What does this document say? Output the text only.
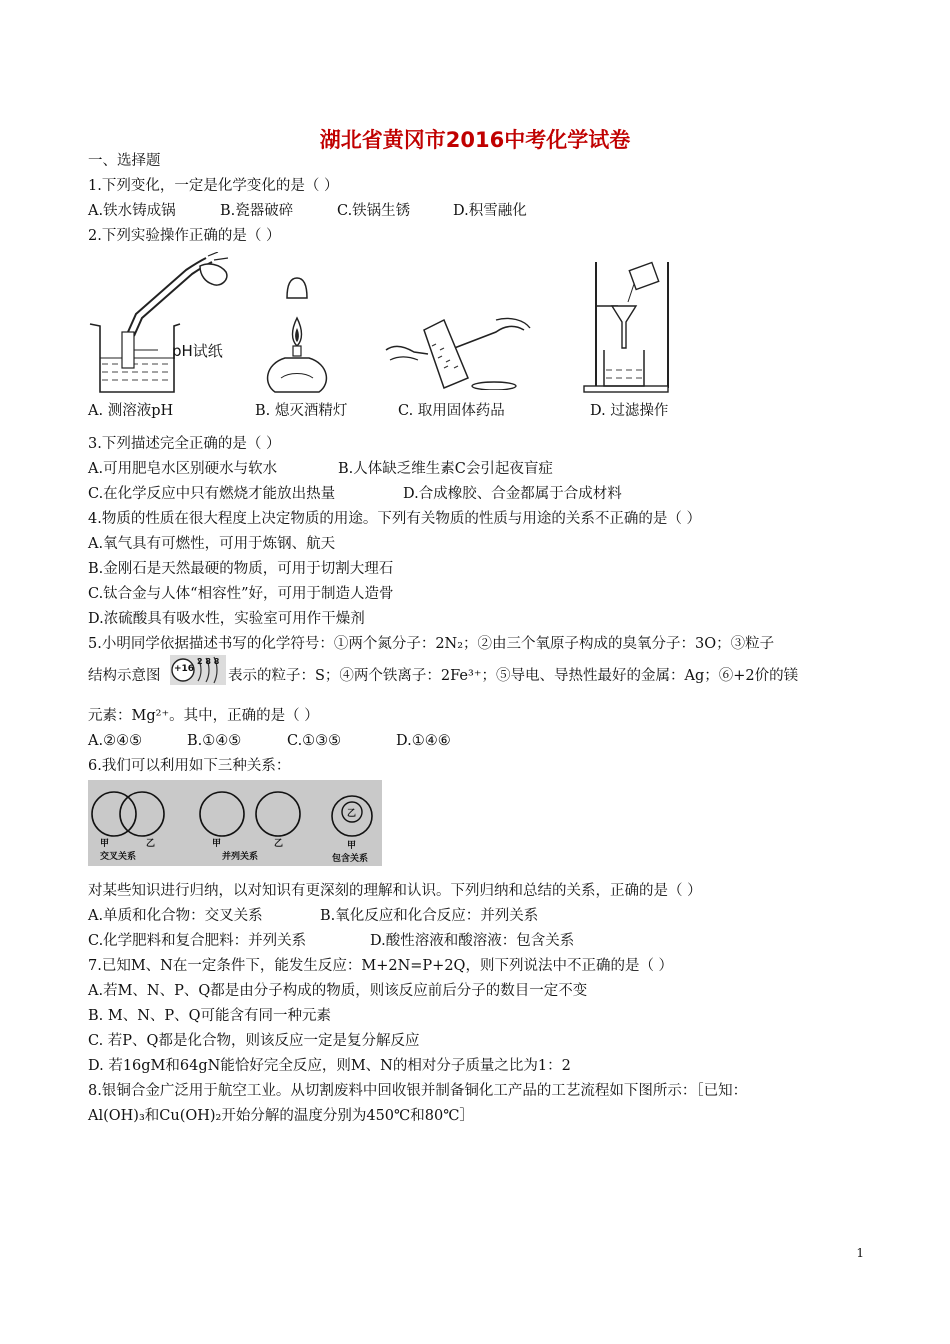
湖北省黄冈市2016中考化学试卷
一、选择题
1.下列变化，一定是化学变化的是（ ）
A.铁水铸成锅	B.瓷器破碎	C.铁锅生锈	D.积雪融化
2.下列实验操作正确的是（ ）
pH试纸
A. 测溶液pH	B. 熄灭酒精灯	C. 取用固体药品	D. 过滤操作
3.下列描述完全正确的是（ ）
A.可用肥皂水区别硬水与软水	B.人体缺乏维生素C会引起夜盲症
C.在化学反应中只有燃烧才能放出热量	D.合成橡胶、合金都属于合成材料
4.物质的性质在很大程度上决定物质的用途。下列有关物质的性质与用途的关系不正确的是（ ）
A.氧气具有可燃性，可用于炼钢、航天
B.金刚石是天然最硬的物质，可用于切割大理石
C.钛合金与人体“相容性”好，可用于制造人造骨
D.浓硫酸具有吸水性，实验室可用作干燥剂
5.小明同学依据描述书写的化学符号：①两个氮分子：2N₂；②由三个氧原子构成的臭氧分子：3O；③粒子
结构示意图 +16
2 8 8
表示的粒子：S；④两个铁离子：2Fe³⁺；⑤导电、导热性最好的金属：Ag；⑥+2价的镁
元素：Mg²⁺。其中，正确的是（ ）
A.②④⑤	B.①④⑤	C.①③⑤	D.①④⑥
6.我们可以利用如下三种关系：
甲	乙
交叉关系
甲	乙
并列关系
乙
甲
包含关系
对某些知识进行归纳，以对知识有更深刻的理解和认识。下列归纳和总结的关系，正确的是（ ）
A.单质和化合物：交叉关系	B.氧化反应和化合反应：并列关系
C.化学肥料和复合肥料：并列关系	D.酸性溶液和酸溶液：包含关系
7.已知M、N在一定条件下，能发生反应：M+2N=P+2Q，则下列说法中不正确的是（ ）
A.若M、N、P、Q都是由分子构成的物质，则该反应前后分子的数目一定不变
B. M、N、P、Q可能含有同一种元素
C. 若P、Q都是化合物，则该反应一定是复分解反应
D. 若16gM和64gN能恰好完全反应，则M、N的相对分子质量之比为1：2
8.银铜合金广泛用于航空工业。从切割废料中回收银并制备铜化工产品的工艺流程如下图所示：［已知：
Al(OH)₃和Cu(OH)₂开始分解的温度分别为450℃和80℃］
1
